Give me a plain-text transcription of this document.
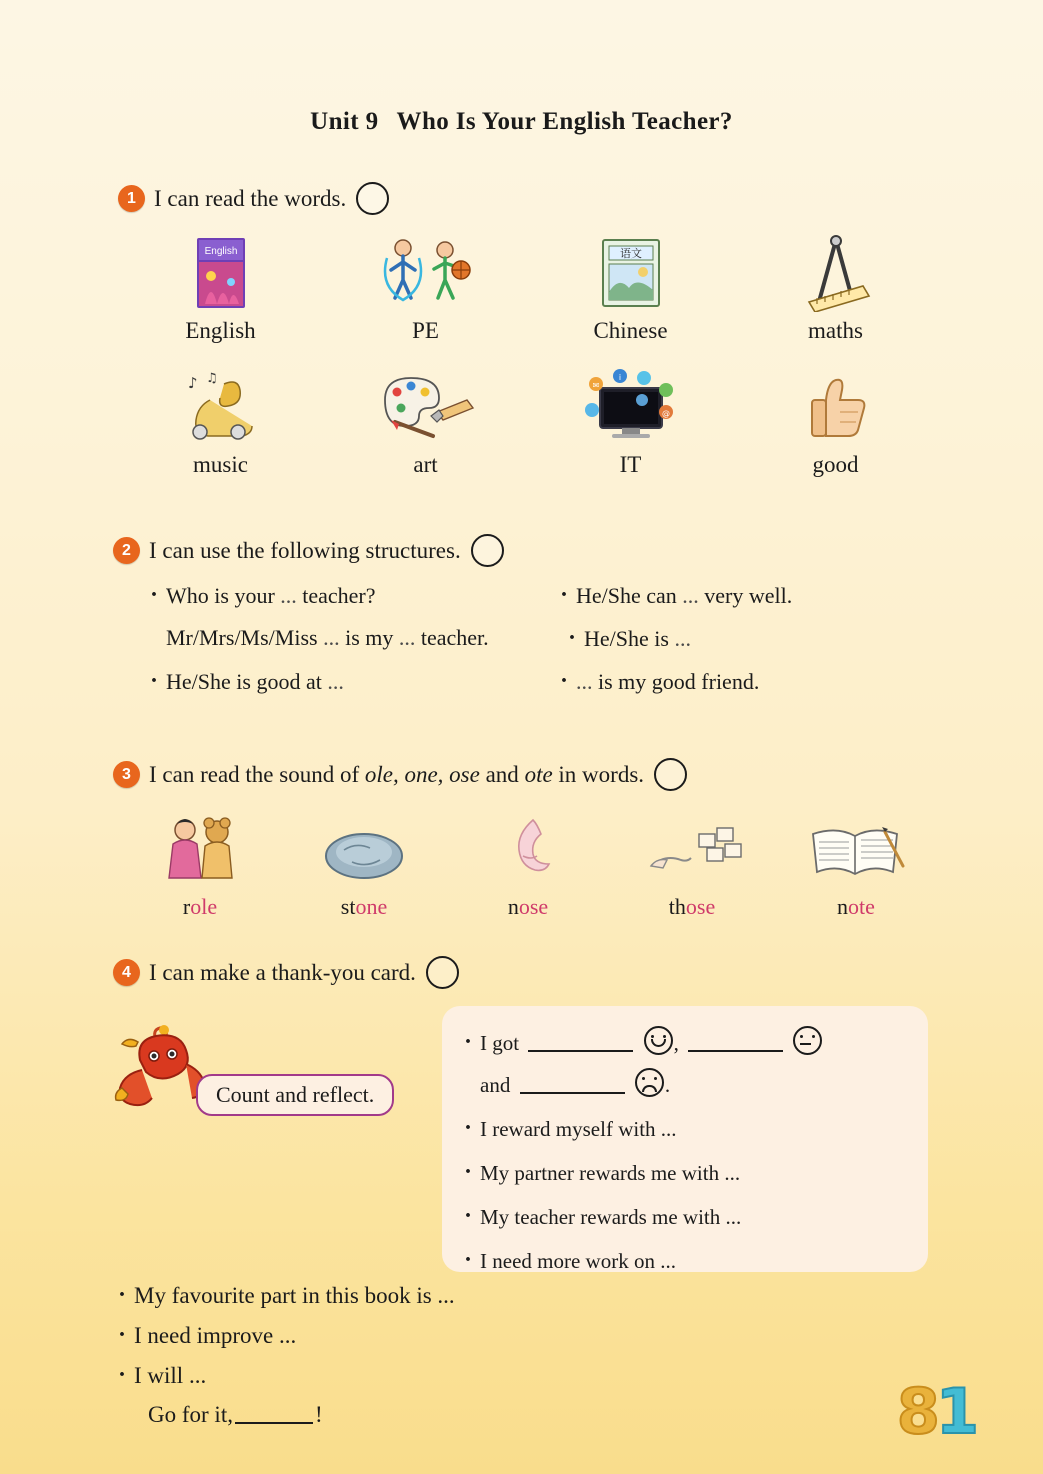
Unit 9 Who Is Your English Teacher?
1 I can read the words.
English
English	PE
语文
Chinese	maths
♪ ♫
music	art
✉
i
@
IT	good
2 I can use the following structures.
· Who is your ... teacher? ·	He/She can ... very well.
Mr/Mrs/Ms/Miss ... is my ... teacher. ·	He/She is ...
· He/She is good at ... ·	... is my good friend.
3 I can read the sound of ole, one, ose and ote in words.
role	stone	nose	those	note
4 I can make a thank-you card.
Count and reflect.
· I got	,
and	.
· I reward myself with ...
· My partner rewards me with ...
· My teacher rewards me with ...
· I need more work on ...
· My favourite part in this book is ...
· I need improve ...
· I will ...
Go for it,	!	81
